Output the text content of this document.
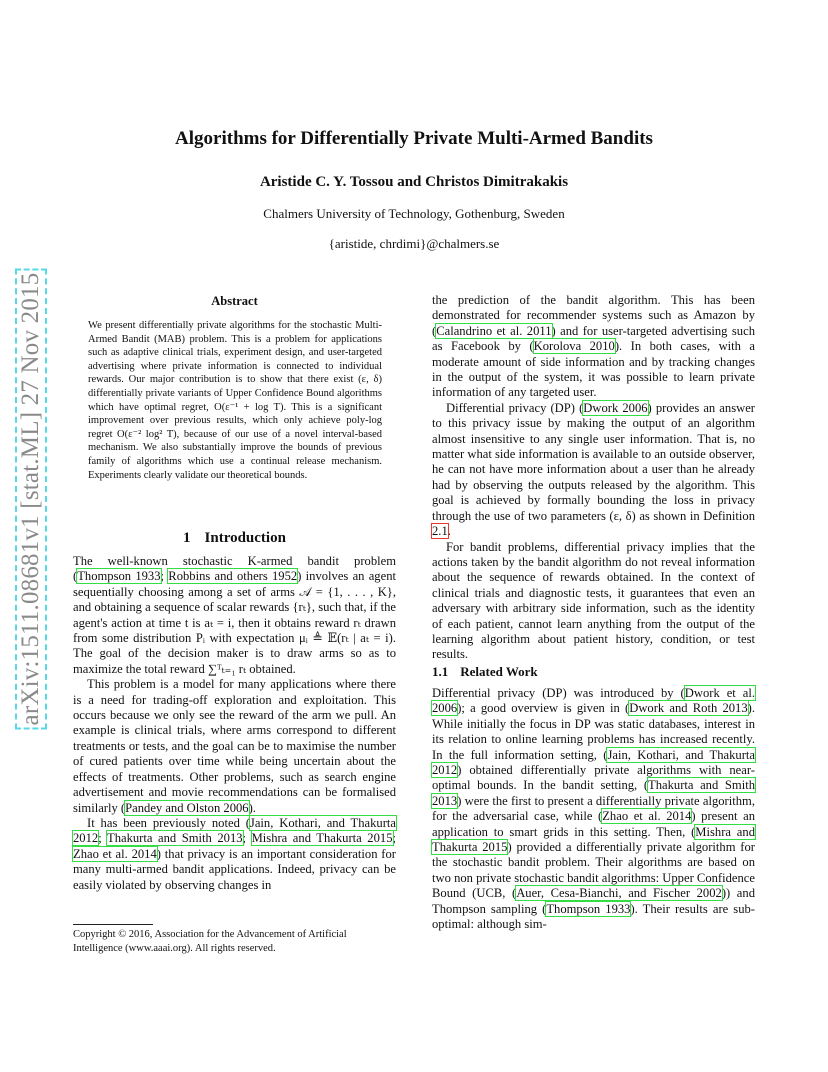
arXiv:1511.08681v1 [stat.ML] 27 Nov 2015
Algorithms for Differentially Private Multi-Armed Bandits
Aristide C. Y. Tossou and Christos Dimitrakakis
Chalmers University of Technology, Gothenburg, Sweden
{aristide, chrdimi}@chalmers.se
Abstract
We present differentially private algorithms for the stochastic Multi-Armed Bandit (MAB) problem. This is a problem for applications such as adaptive clinical trials, experiment design, and user-targeted advertising where private information is connected to individual rewards. Our major contribution is to show that there exist (ε, δ) differentially private variants of Upper Confidence Bound algorithms which have optimal regret, O(ε⁻¹ + log T). This is a significant improvement over previous results, which only achieve poly-log regret O(ε⁻² log² T), because of our use of a novel interval-based mechanism. We also substantially improve the bounds of previous family of algorithms which use a continual release mechanism. Experiments clearly validate our theoretical bounds.
1 Introduction

The well-known stochastic K-armed bandit problem (Thompson 1933; Robbins and others 1952) involves an agent sequentially choosing among a set of arms 𝒜 = {1, . . . , K}, and obtaining a sequence of scalar rewards {rₜ}, such that, if the agent's action at time t is aₜ = i, then it obtains reward rₜ drawn from some distribution Pᵢ with expectation μᵢ ≜ 𝔼(rₜ | aₜ = i). The goal of the decision maker is to draw arms so as to maximize the total reward ∑ᵀₜ₌₁ rₜ obtained.

This problem is a model for many applications where there is a need for trading-off exploration and exploitation. This occurs because we only see the reward of the arm we pull. An example is clinical trials, where arms correspond to different treatments or tests, and the goal can be to maximise the number of cured patients over time while being uncertain about the effects of treatments. Other problems, such as search engine advertisement and movie recommendations can be formalised similarly (Pandey and Olston 2006).

It has been previously noted (Jain, Kothari, and Thakurta 2012; Thakurta and Smith 2013; Mishra and Thakurta 2015; Zhao et al. 2014) that privacy is an important consideration for many multi-armed bandit applications. Indeed, privacy can be easily violated by observing changes in

Copyright © 2016, Association for the Advancement of Artificial Intelligence (www.aaai.org). All rights reserved.

the prediction of the bandit algorithm. This has been demonstrated for recommender systems such as Amazon by (Calandrino et al. 2011) and for user-targeted advertising such as Facebook by (Korolova 2010). In both cases, with a moderate amount of side information and by tracking changes in the output of the system, it was possible to learn private information of any targeted user.

Differential privacy (DP) (Dwork 2006) provides an answer to this privacy issue by making the output of an algorithm almost insensitive to any single user information. That is, no matter what side information is available to an outside observer, he can not have more information about a user than he already had by observing the outputs released by the algorithm. This goal is achieved by formally bounding the loss in privacy through the use of two parameters (ε, δ) as shown in Definition 2.1.

For bandit problems, differential privacy implies that the actions taken by the bandit algorithm do not reveal information about the sequence of rewards obtained. In the context of clinical trials and diagnostic tests, it guarantees that even an adversary with arbitrary side information, such as the identity of each patient, cannot learn anything from the output of the learning algorithm about patient history, condition, or test results.

1.1 Related Work

Differential privacy (DP) was introduced by (Dwork et al. 2006); a good overview is given in (Dwork and Roth 2013). While initially the focus in DP was static databases, interest in its relation to online learning problems has increased recently. In the full information setting, (Jain, Kothari, and Thakurta 2012) obtained differentially private algorithms with near-optimal bounds. In the bandit setting, (Thakurta and Smith 2013) were the first to present a differentially private algorithm, for the adversarial case, while (Zhao et al. 2014) present an application to smart grids in this setting. Then, (Mishra and Thakurta 2015) provided a differentially private algorithm for the stochastic bandit problem. Their algorithms are based on two non private stochastic bandit algorithms: Upper Confidence Bound (UCB, (Auer, Cesa-Bianchi, and Fischer 2002)) and Thompson sampling (Thompson 1933). Their results are sub-optimal: although sim-
